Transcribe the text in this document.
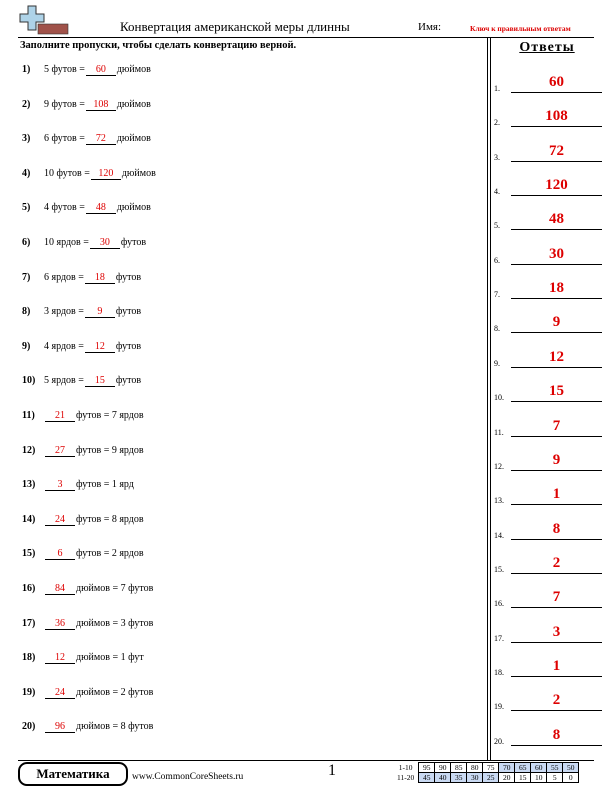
Конвертация американской меры длинны	Имя:	Ключ к правильным ответам
Заполните пропуски, чтобы сделать конвертацию верной.	Ответы
1) 5 футов = 60 дюймов
2) 9 футов = 108 дюймов
3) 6 футов = 72 дюймов
4) 10 футов = 120 дюймов
5) 4 футов = 48 дюймов
6) 10 ярдов = 30 футов
7) 6 ярдов = 18 футов
8) 3 ярдов = 9 футов
9) 4 ярдов = 12 футов
10) 5 ярдов = 15 футов
11) 21 футов = 7 ярдов
12) 27 футов = 9 ярдов
13) 3 футов = 1 ярд
14) 24 футов = 8 ярдов
15) 6 футов = 2 ярдов
16) 84 дюймов = 7 футов
17) 36 дюймов = 3 футов
18) 12 дюймов = 1 фут
19) 24 дюймов = 2 футов
20) 96 дюймов = 8 футов
1.	60
2.	108
3.	72
4.	120
5.	48
6.	30
7.	18
8.	9
9.	12
10.	15
11.	7
12.	9
13.	1
14.	8
15.	2
16.	7
17.	3
18.	1
19.	2
20.	8
Математика	www.CommonCoreSheets.ru	1	1-10	95	90	85	80	75	70	65	60	55	50
11-20	45	40	35	30	25	20	15	10	5	0
